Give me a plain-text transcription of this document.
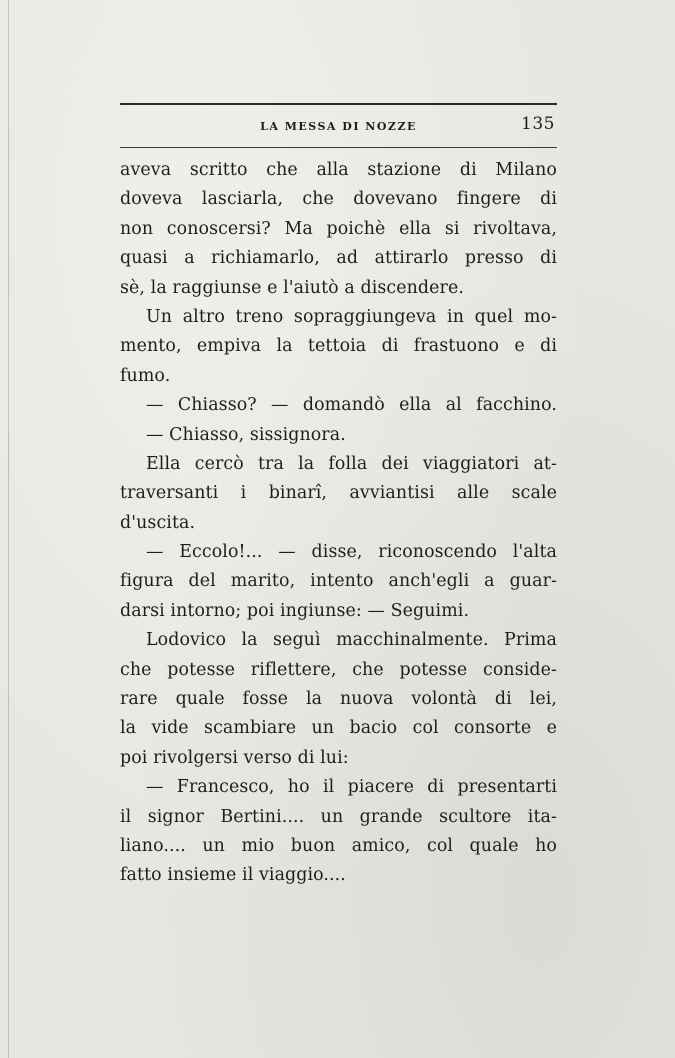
LA MESSA DI NOZZE	135
aveva scritto che alla stazione di Milano
doveva lasciarla, che dovevano fingere di
non conoscersi? Ma poichè ella si rivoltava,
quasi a richiamarlo, ad attirarlo presso di
sè, la raggiunse e l'aiutò a discendere.
Un altro treno sopraggiungeva in quel mo-
mento, empiva la tettoia di frastuono e di
fumo.
— Chiasso? — domandò ella al facchino.
— Chiasso, sissignora.
Ella cercò tra la folla dei viaggiatori at-
traversanti i binarî, avviantisi alle scale
d'uscita.
— Eccolo!... — disse, riconoscendo l'alta
figura del marito, intento anch'egli a guar-
darsi intorno; poi ingiunse: — Seguimi.
Lodovico la seguì macchinalmente. Prima
che potesse riflettere, che potesse conside-
rare quale fosse la nuova volontà di lei,
la vide scambiare un bacio col consorte e
poi rivolgersi verso di lui:
— Francesco, ho il piacere di presentarti
il signor Bertini.... un grande scultore ita-
liano.... un mio buon amico, col quale ho
fatto insieme il viaggio....
